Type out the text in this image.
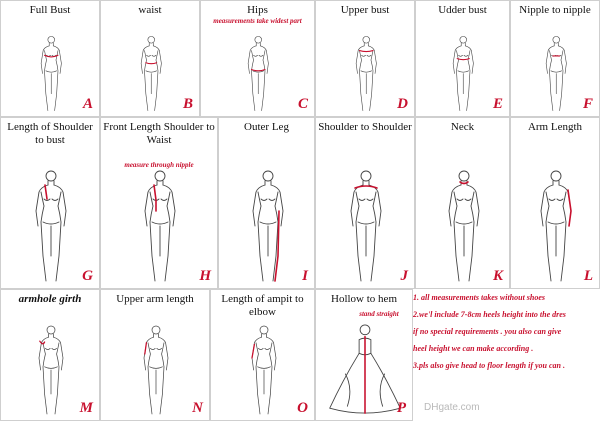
1. all measurements takes without shoes

2.we'l include 7-8cm heels height into the dres

if no special requirements . you also can give

heel height we can make according .

3.pls also give head to floor length if you can .

DHgate.com
Full Bust
A
waist
B
Hips
measurements take widest part
C
Upper bust
D
Udder bust
E
Nipple to nipple
F
Length of Shoulder to bust
G
Front Length Shoulder to Waist
measure through nipple
H
Outer Leg
I
Shoulder to Shoulder
J
Neck
K
Arm Length
L
armhole girth
M
Upper arm length
N
Length of ampit to elbow
O
Hollow to hem
stand straight
P
